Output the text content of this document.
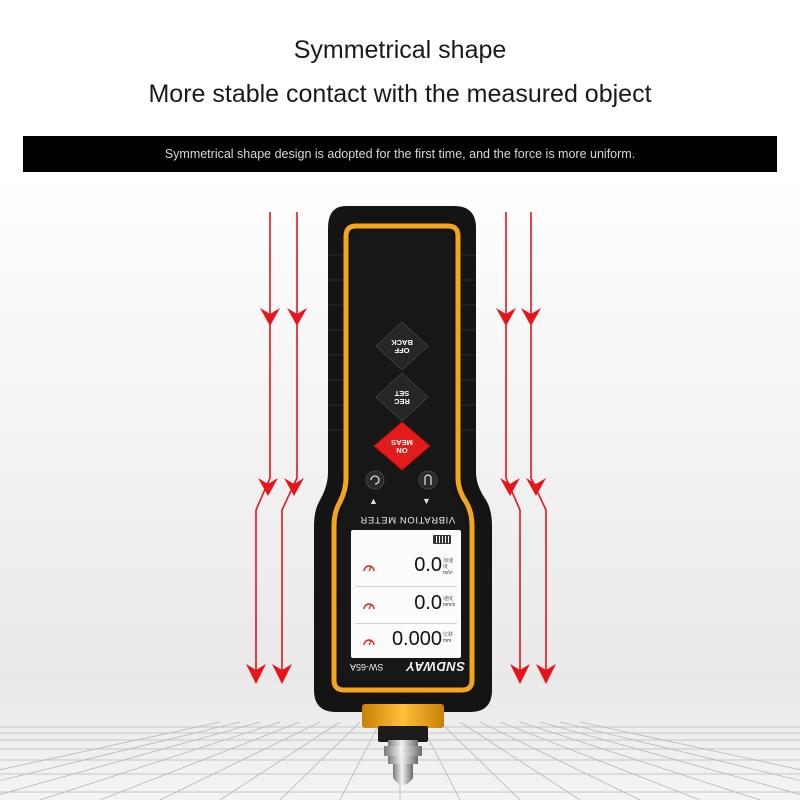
Symmetrical shape
More stable contact with the measured object
Symmetrical shape design is adopted for the first time, and the force is more uniform.
OFF
BACK
REC
SET
ON
MEAS
▲	▼
VIBRATION METER
0.0 加速度
m/s²
0.0 速度
mm/s
0.000 位移
mm
SNDWAY
SW-65A
